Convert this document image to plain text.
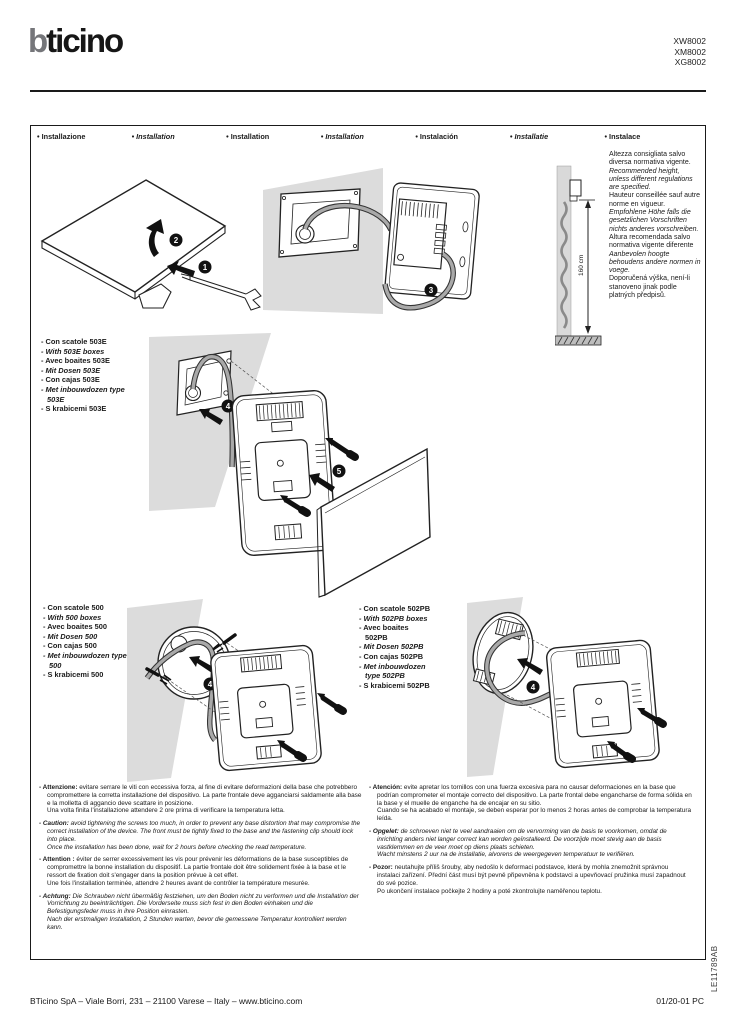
bticino	XW8002
XM8002
XG8002
• Installazione	• Installation	• Installation	• Installation	• Instalación	• Installatie	• Instalace
1
2
3
- Con scatole 503E
- With 503E boxes
- Avec boaites 503E
- Mit Dosen 503E
- Con cajas 503E
- Met inbouwdozen type 503E
- S krabicemi 503E	4
5
- Con scatole 500
- With 500 boxes
- Avec boaites 500
- Mit Dosen 500
- Con cajas 500
- Met inbouwdozen type 500
- S krabicemi 500
4
- Con scatole 502PB
- With 502PB boxes
- Avec boaites 502PB
- Mit Dosen 502PB
- Con cajas 502PB
- Met inbouwdozen type 502PB
- S krabicemi 502PB	4
160 cm
Altezza consigliata salvo diversa normativa vigente.
Recommended height, unless different regulations are specified.
Hauteur conseillée sauf autre norme en vigueur.
Empfohlene Höhe falls die gesetzlichen Vorschriften nichts anderes vorschreiben.
Altura recomendada salvo normativa vigente diferente
Aanbevolen hoogte behoudens andere normen in voege.
Doporučená výška, není-li stanoveno jinak podle platných předpisů.
- Attenzione: evitare serrare le viti con eccessiva forza, al fine di evitare deformazioni della base che potrebbero compromettere la corretta installazione del dispositivo. La parte frontale deve agganciarsi saldamente alla base e la molletta di aggancio deve scattare in posizione.
Una volta finita l'installazione attendere 2 ore prima di verificare la temperatura letta.
- Caution: avoid tightening the screws too much, in order to prevent any base distortion that may compromise the correct installation of the device. The front must be tightly fixed to the base and the fastening clip should lock into place.
Once the installation has been done, wait for 2 hours before checking the read temperature.
- Attention : éviter de serrer excessivement les vis pour prévenir les déformations de la base susceptibles de compromettre la bonne installation du dispositif. La partie frontale doit être solidement fixée à la base et le ressort de fixation doit s'engager dans la position prévue à cet effet.
Une fois l'installation terminée, attendre 2 heures avant de contrôler la température mesurée.
- Achtung: Die Schrauben nicht übermäßig festziehen, um den Boden nicht zu verformen und die Installation der Vorrichtung zu beeinträchtigen. Die Vorderseite muss sich fest in den Boden einhaken und die Befestigungsfeder muss in ihre Position einrasten.
Nach der erstmaligen Installation, 2 Stunden warten, bevor die gemessene Temperatur kontrolliert werden kann.
- Atención: evite apretar los tornillos con una fuerza excesiva para no causar deformaciones en la base que podrían comprometer el montaje correcto del dispositivo. La parte frontal debe engancharse de forma sólida en la base y el muelle de enganche ha de encajar en su sitio.
Cuando se ha acabado el montaje, se deben esperar por lo menos 2 horas antes de comprobar la temperatura leída.
- Opgelet: de schroeven niet te veel aandraaien om de vervorming van de basis te voorkomen, omdat de inrichting anders niet langer correct kan worden geïnstalleerd. De voorzijde moet stevig aan de basis vastklemmen en de veer moet op diens plaats schieten.
Wacht minstens 2 uur na de installatie, alvorens de weergegeven temperatuur te verifiëren.
- Pozor: neutahujte příliš šrouby, aby nedošlo k deformaci podstavce, která by mohla znemožnit správnou instalaci zařízení. Přední část musí být pevně připevněna k podstavci a upevňovací pružinka musí zapadnout do své pozice.
Po ukončení instalace počkejte 2 hodiny a poté zkontrolujte naměřenou teplotu.
BTicino SpA – Viale Borri, 231 – 21100 Varese – Italy – www.bticino.com	01/20-01 PC
LE11789AB
